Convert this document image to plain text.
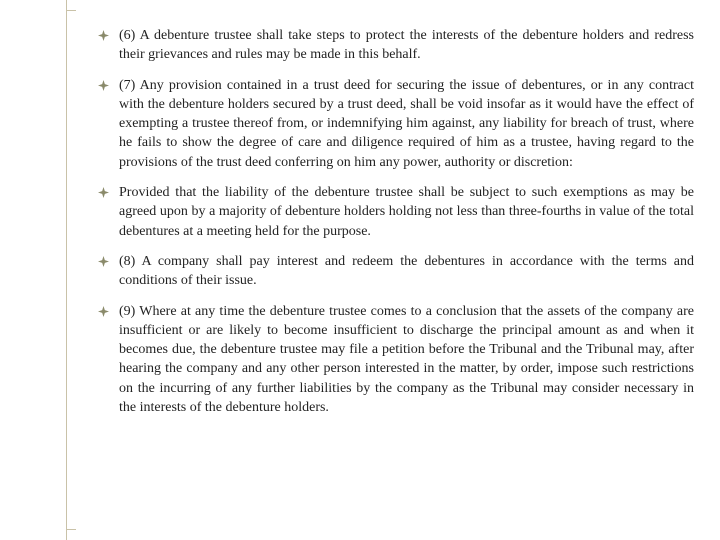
(6) A debenture trustee shall take steps to protect the interests of the debenture holders and redress their grievances and rules may be made in this behalf.
(7) Any provision contained in a trust deed for securing the issue of debentures, or in any contract with the debenture holders secured by a trust deed, shall be void insofar as it would have the effect of exempting a trustee thereof from, or indemnifying him against, any liability for breach of trust, where he fails to show the degree of care and diligence required of him as a trustee, having regard to the provisions of the trust deed conferring on him any power, authority or discretion:
Provided that the liability of the debenture trustee shall be subject to such exemptions as may be agreed upon by a majority of debenture holders holding not less than three-fourths in value of the total debentures at a meeting held for the purpose.
(8) A company shall pay interest and redeem the debentures in accordance with the terms and conditions of their issue.
(9) Where at any time the debenture trustee comes to a conclusion that the assets of the company are insufficient or are likely to become insufficient to discharge the principal amount as and when it becomes due, the debenture trustee may file a petition before the Tribunal and the Tribunal may, after hearing the company and any other person interested in the matter, by order, impose such restrictions on the incurring of any further liabilities by the company as the Tribunal may consider necessary in the interests of the debenture holders.
